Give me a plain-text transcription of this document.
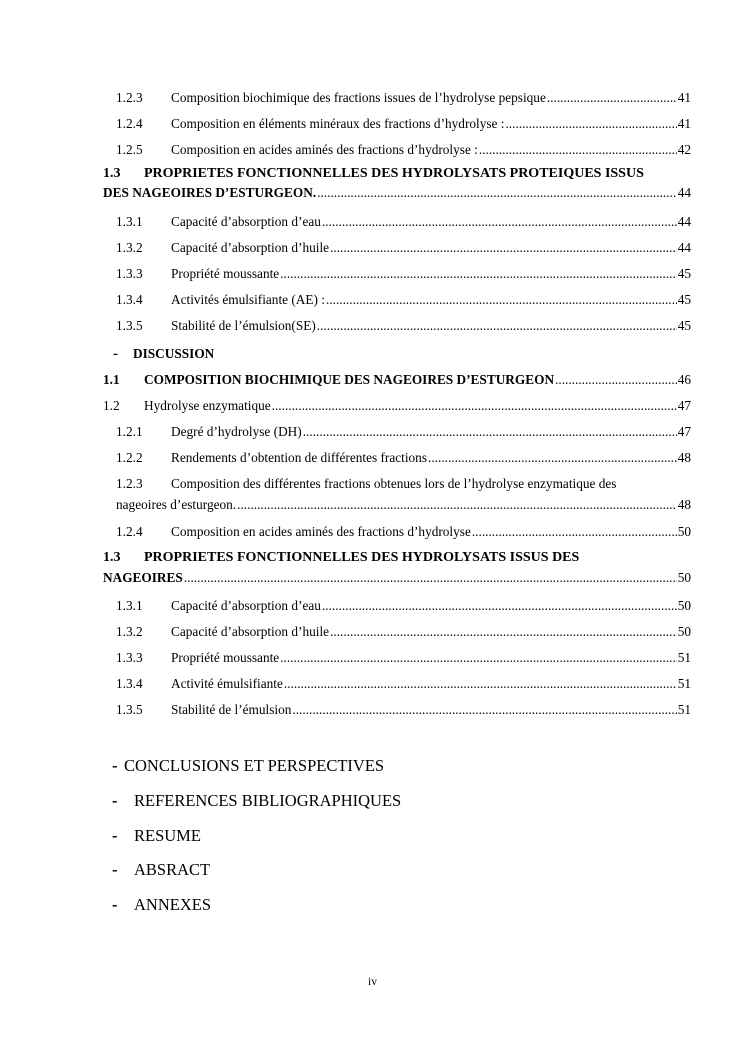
1.2.3	Composition biochimique des fractions issues de l’hydrolyse pepsique .....	41
1.2.4	Composition en éléments minéraux des fractions d’hydrolyse : .....	41
1.2.5	Composition en acides aminés des fractions d’hydrolyse : .....	42
1.3 PROPRIETES FONCTIONNELLES DES HYDROLYSATS PROTEIQUES ISSUS
DES NAGEOIRES D’ESTURGEON. .....	44
1.3.1	Capacité d’absorption d’eau .....	44
1.3.2	Capacité d’absorption d’huile .....	44
1.3.3	Propriété moussante .....	45
1.3.4	Activités émulsifiante (AE) : .....	45
1.3.5	Stabilité de l’émulsion(SE) .....	45
- DISCUSSION
1.1	COMPOSITION BIOCHIMIQUE DES NAGEOIRES D’ESTURGEON .....	46
1.2	Hydrolyse enzymatique .....	47
1.2.1	Degré d’hydrolyse (DH) .....	47
1.2.2	Rendements d’obtention de différentes fractions .....	48
1.2.3 Composition des différentes fractions obtenues lors de l’hydrolyse enzymatique des
nageoires d’esturgeon. .....	48
1.2.4	Composition en acides aminés des fractions d’hydrolyse .....	50
1.3 PROPRIETES FONCTIONNELLES DES HYDROLYSATS ISSUS DES
NAGEOIRES .....	50
1.3.1	Capacité d’absorption d’eau .....	50
1.3.2	Capacité d’absorption d’huile .....	50
1.3.3	Propriété moussante .....	51
1.3.4	Activité émulsifiante .....	51
1.3.5	Stabilité de l’émulsion .....	51
- CONCLUSIONS ET PERSPECTIVES
- REFERENCES BIBLIOGRAPHIQUES
- RESUME
- ABSRACT
- ANNEXES
iv
